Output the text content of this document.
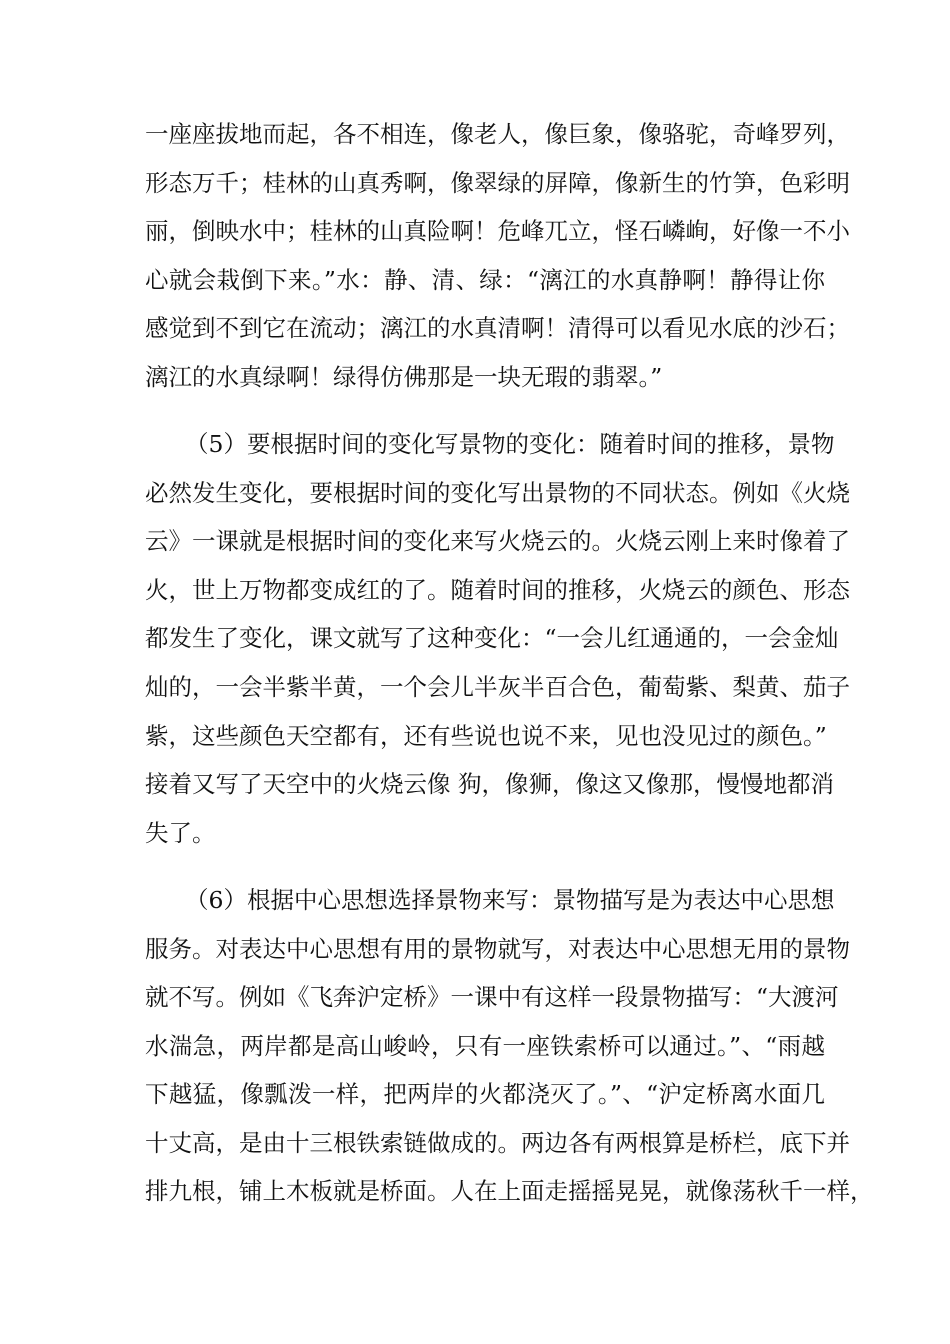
一座座拔地而起，各不相连，像老人，像巨象，像骆驼，奇峰罗列，
形态万千；桂林的山真秀啊，像翠绿的屏障，像新生的竹笋，色彩明
丽，倒映水中；桂林的山真险啊！危峰兀立，怪石嶙峋，好像一不小
心就会栽倒下来。”水：静、清、绿：“漓江的水真静啊！静得让你
感觉到不到它在流动；漓江的水真清啊！清得可以看见水底的沙石；
漓江的水真绿啊！绿得仿佛那是一块无瑕的翡翠。”
（5）要根据时间的变化写景物的变化：随着时间的推移，景物
必然发生变化，要根据时间的变化写出景物的不同状态。例如《火烧
云》一课就是根据时间的变化来写火烧云的。火烧云刚上来时像着了
火，世上万物都变成红的了。随着时间的推移，火烧云的颜色、形态
都发生了变化，课文就写了这种变化：“一会儿红通通的，一会金灿
灿的，一会半紫半黄，一个会儿半灰半百合色，葡萄紫、梨黄、茄子
紫，这些颜色天空都有，还有些说也说不来，见也没见过的颜色。”
接着又写了天空中的火烧云像 狗，像狮，像这又像那，慢慢地都消
失了。
（6）根据中心思想选择景物来写：景物描写是为表达中心思想
服务。对表达中心思想有用的景物就写，对表达中心思想无用的景物
就不写。例如《飞奔沪定桥》一课中有这样一段景物描写：“大渡河
水湍急，两岸都是高山峻岭，只有一座铁索桥可以通过。”、“雨越
下越猛，像瓢泼一样，把两岸的火都浇灭了。”、“沪定桥离水面几
十丈高，是由十三根铁索链做成的。两边各有两根算是桥栏，底下并
排九根，铺上木板就是桥面。人在上面走摇摇晃晃，就像荡秋千一样，
